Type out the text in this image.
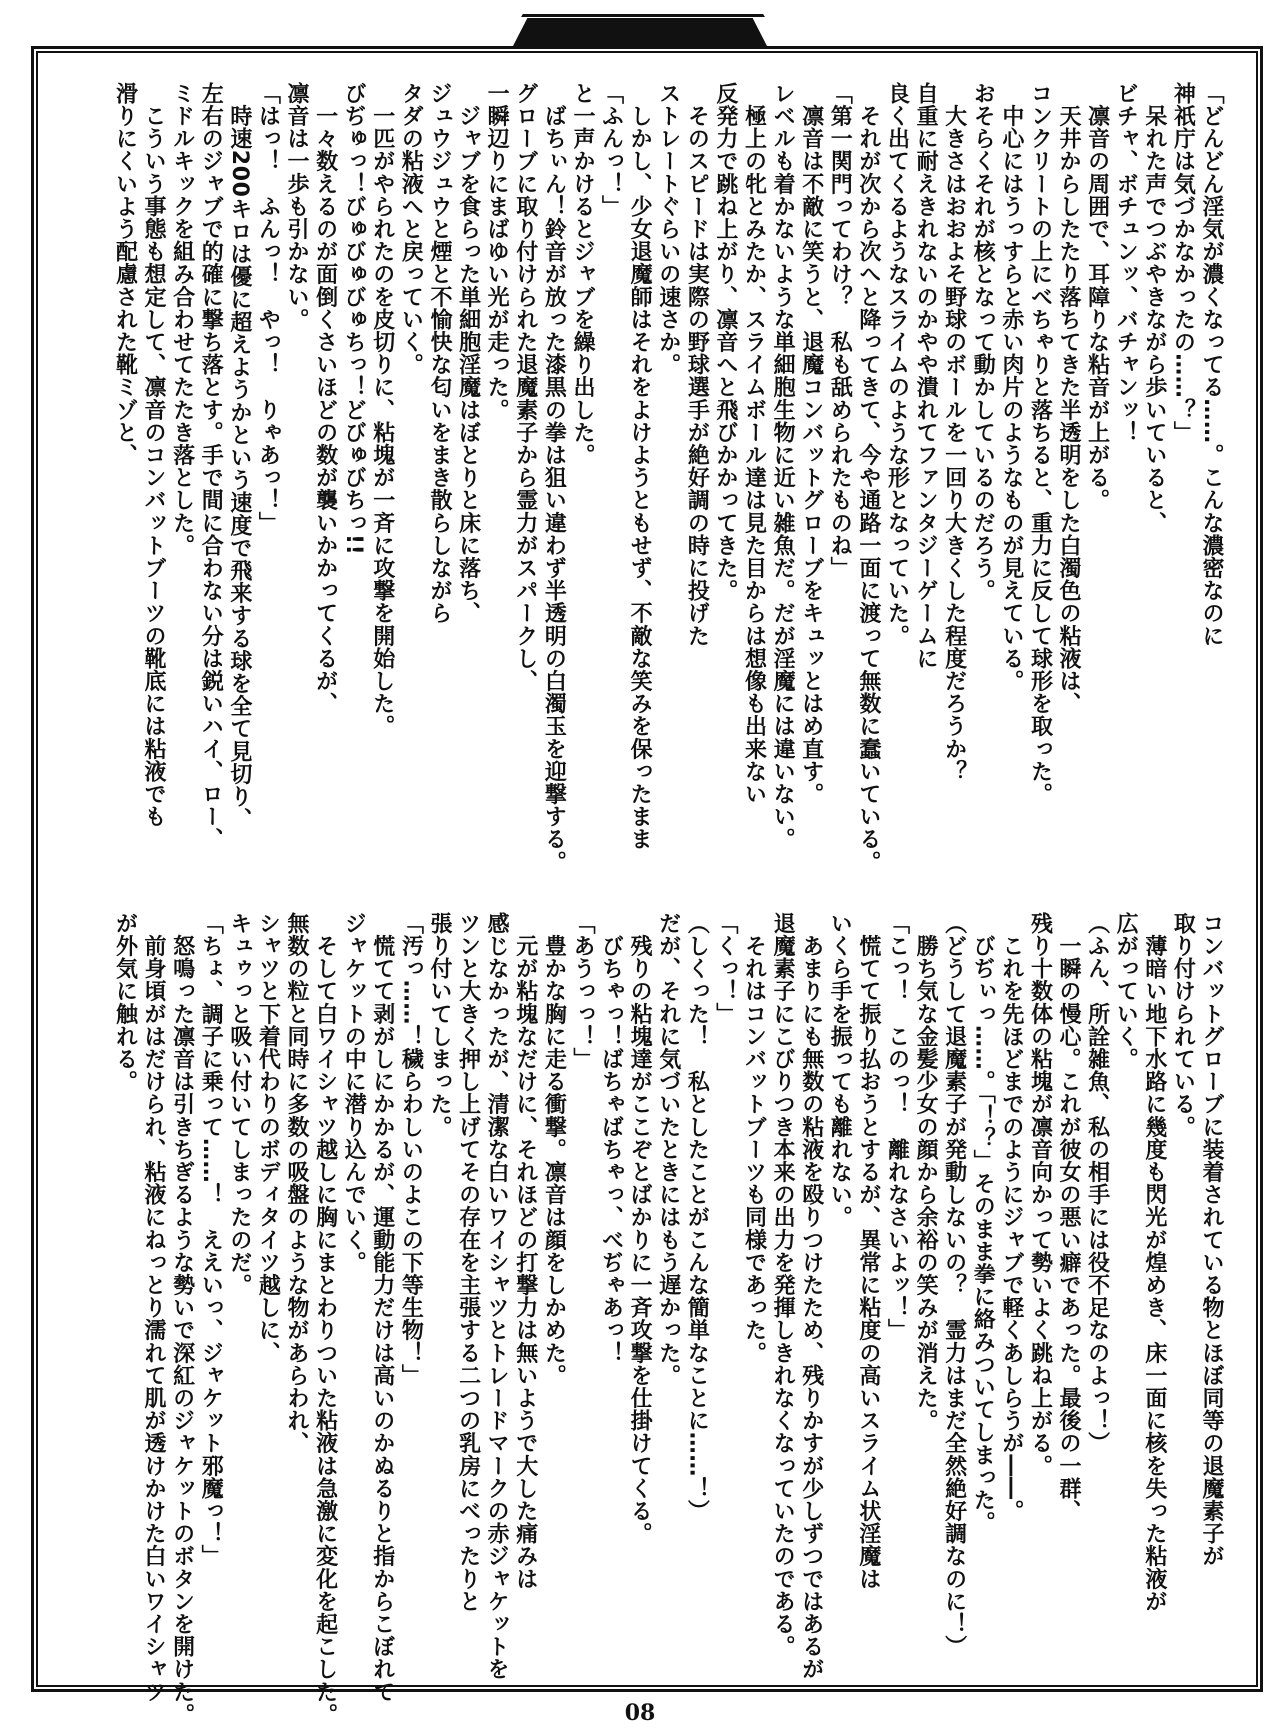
「どんどん淫気が濃くなってる……。こんな濃密なのに

神祇庁は気づかなかったの……？」

　呆れた声でつぶやきながら歩いていると、

ビチャ、ボチュンッ、バチャンッ！

　凛音の周囲で、耳障りな粘音が上がる。

　天井からしたたり落ちてきた半透明をした白濁色の粘液は、

コンクリートの上にべちゃりと落ちると、重力に反して球形を取った。

　中心にはうっすらと赤い肉片のようなものが見えている。

おそらくそれが核となって動かしているのだろう。

　大きさはおおよそ野球のボールを一回り大きくした程度だろうか？

自重に耐えきれないのかやや潰れてファンタジーゲームに

良く出てくるようなスライムのような形となっていた。

　それが次から次へと降ってきて、今や通路一面に渡って無数に蠢いている。

「第一関門ってわけ？　私も舐められたものね」

　凛音は不敵に笑うと、退魔コンバットグローブをキュッとはめ直す。

レベルも着かないような単細胞生物に近い雑魚だ。だが淫魔には違いない。

　極上の牝とみたか、スライムボール達は見た目からは想像も出来ない

反発力で跳ね上がり、凛音へと飛びかかってきた。

　そのスピードは実際の野球選手が絶好調の時に投げた

ストレートぐらいの速さか。

　しかし、少女退魔師はそれをよけようともせず、不敵な笑みを保ったまま

「ふんっ！」

と一声かけるとジャブを繰り出した。

　ばちぃん！鈴音が放った漆黒の拳は狙い違わず半透明の白濁玉を迎撃する。

グローブに取り付けられた退魔素子から霊力がスパークし、

一瞬辺りにまばゆい光が走った。

　ジャブを食らった単細胞淫魔はぼとりと床に落ち、

ジュウジュウと煙と不愉快な匂いをまき散らしながら

タダの粘液へと戻っていく。

　一匹がやられたのを皮切りに、粘塊が一斉に攻撃を開始した。

びぢゅっ！びゅびゅびゅちっ！どびゅびちっ!!

　一々数えるのが面倒くさいほどの数が襲いかかってくるが、

凛音は一歩も引かない。

「はっ！　ふんっ！　やっ！　りゃあっ！」

　時速200キロは優に超えようかという速度で飛来する球を全て見切り、

左右のジャブで的確に撃ち落とす。手で間に合わない分は鋭いハイ、ロー、

ミドルキックを組み合わせてたたき落とした。

　こういう事態も想定して、凛音のコンバットブーツの靴底には粘液でも

滑りにくいよう配慮された靴ミゾと、

コンバットグローブに装着されている物とほぼ同等の退魔素子が

取り付けられている。

　薄暗い地下水路に幾度も閃光が煌めき、床一面に核を失った粘液が

広がっていく。

（ふん、所詮雑魚、私の相手には役不足なのよっ！）

　一瞬の慢心。これが彼女の悪い癖であった。最後の一群、

残り十数体の粘塊が凛音向かって勢いよく跳ね上がる。

　これを先ほどまでのようにジャブで軽くあしらうが――。

　びぢぃっ……。「！？」そのまま拳に絡みついてしまった。

（どうして退魔素子が発動しないの？　霊力はまだ全然絶好調なのに！）

　勝ち気な金髪少女の顔から余裕の笑みが消えた。

「こっ！　このっ！　離れなさいよッ！」

　慌てて振り払おうとするが、異常に粘度の高いスライム状淫魔は

いくら手を振っても離れない。

　あまりにも無数の粘液を殴りつけたため、残りかすが少しずつではあるが

退魔素子にこびりつき本来の出力を発揮しきれなくなっていたのである。

　それはコンバットブーツも同様であった。

「くっ！」

（しくった！　私としたことがこんな簡単なことに……！）

だが、それに気づいたときにはもう遅かった。

　残りの粘塊達がここぞとばかりに一斉攻撃を仕掛けてくる。

　びちゃっ！ばちゃばちゃっ、べぢゃあっ！

「あうっっ！」

　豊かな胸に走る衝撃。凛音は顔をしかめた。

　元が粘塊なだけに、それほどの打撃力は無いようで大した痛みは

感じなかったが、清潔な白いワイシャツとトレードマークの赤ジャケットを

ツンと大きく押し上げてその存在を主張する二つの乳房にべったりと

張り付いてしまった。

「汚っ……！穢らわしいのよこの下等生物！」

　慌てて剥がしにかかるが、運動能力だけは高いのかぬるりと指からこぼれて

ジャケットの中に潜り込んでいく。

　そして白ワイシャツ越しに胸にまとわりついた粘液は急激に変化を起こした。

無数の粒と同時に多数の吸盤のような物があらわれ、

シャツと下着代わりのボディタイツ越しに、

キュゥっと吸い付いてしまったのだ。

「ちょ、調子に乗って……！　ええいっ、ジャケット邪魔っ！」

　怒鳴った凛音は引きちぎるような勢いで深紅のジャケットのボタンを開けた。

　前身頃がはだけられ、粘液にねっとり濡れて肌が透けかけた白いワイシャツ

が外気に触れる。

08
